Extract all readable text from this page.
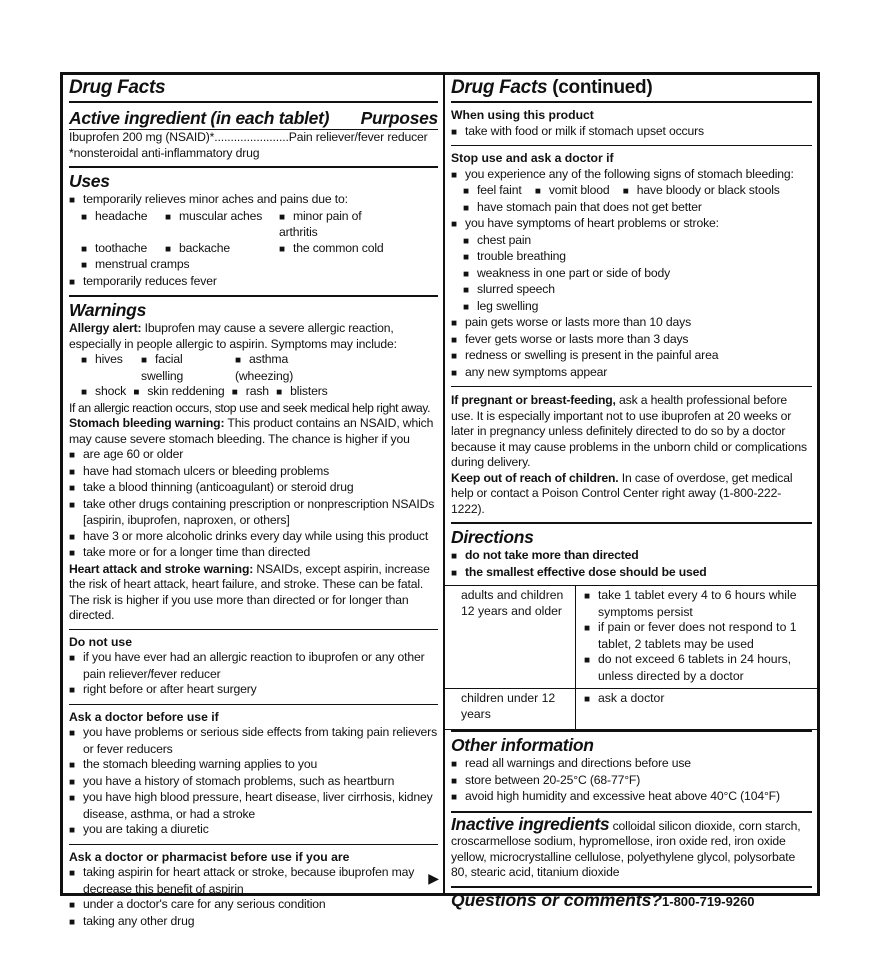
Drug Facts
Active ingredient (in each tablet) Purposes
Ibuprofen 200 mg (NSAID)*.......................Pain reliever/fever reducer
*nonsteroidal anti-inflammatory drug
Uses
■ temporarily relieves minor aches and pains due to:
■ headache	■ muscular aches	■ minor pain of arthritis
■ toothache	■ backache	■ the common cold
■ menstrual cramps
■ temporarily reduces fever
Warnings
Allergy alert: Ibuprofen may cause a severe allergic reaction,
especially in people allergic to aspirin. Symptoms may include:
■ hives	■ facial swelling
■ asthma (wheezing)
■ shock ■ skin reddening ■ rash ■ blisters
If an allergic reaction occurs, stop use and seek medical help right away.
Stomach bleeding warning: This product contains an NSAID, which
may cause severe stomach bleeding. The chance is higher if you
■ are age 60 or older
■ have had stomach ulcers or bleeding problems
■ take a blood thinning (anticoagulant) or steroid drug
■ take other drugs containing prescription or nonprescription NSAIDs [aspirin, ibuprofen, naproxen, or others]
■ have 3 or more alcoholic drinks every day while using this product
■ take more or for a longer time than directed
Heart attack and stroke warning: NSAIDs, except aspirin, increase the risk of heart attack, heart failure, and stroke. These can be fatal. The risk is higher if you use more than directed or for longer than directed.
Do not use
■ if you have ever had an allergic reaction to ibuprofen or any other pain reliever/fever reducer
■ right before or after heart surgery
Ask a doctor before use if
■ you have problems or serious side effects from taking pain relievers or fever reducers
■ the stomach bleeding warning applies to you
■ you have a history of stomach problems, such as heartburn
■ you have high blood pressure, heart disease, liver cirrhosis, kidney disease, asthma, or had a stroke
■ you are taking a diuretic
Ask a doctor or pharmacist before use if you are
■ taking aspirin for heart attack or stroke, because ibuprofen may decrease this benefit of aspirin
■ under a doctor's care for any serious condition
■ taking any other drug
▶
Drug Facts (continued)
When using this product
■ take with food or milk if stomach upset occurs
Stop use and ask a doctor if
■ you experience any of the following signs of stomach bleeding:
■ feel faint ■ vomit blood ■ have bloody or black stools
■ have stomach pain that does not get better
■ you have symptoms of heart problems or stroke:
■ chest pain
■ trouble breathing
■ weakness in one part or side of body
■ slurred speech
■ leg swelling
■ pain gets worse or lasts more than 10 days
■ fever gets worse or lasts more than 3 days
■ redness or swelling is present in the painful area
■ any new symptoms appear
If pregnant or breast-feeding, ask a health professional before use. It is especially important not to use ibuprofen at 20 weeks or later in pregnancy unless definitely directed to do so by a doctor because it may cause problems in the unborn child or complications during delivery.
Keep out of reach of children. In case of overdose, get medical help or contact a Poison Control Center right away (1-800-222-1222).
Directions
■ do not take more than directed
■ the smallest effective dose should be used
adults and children 12 years and older	■ take 1 tablet every 4 to 6 hours while symptoms persist
■ if pain or fever does not respond to 1 tablet, 2 tablets may be used
■ do not exceed 6 tablets in 24 hours, unless directed by a doctor

children under 12 years	■ ask a doctor
Other information
■ read all warnings and directions before use
■ store between 20-25°C (68-77°F)
■ avoid high humidity and excessive heat above 40°C (104°F)
Inactive ingredients colloidal silicon dioxide, corn starch, croscarmellose sodium, hypromellose, iron oxide red, iron oxide yellow, microcrystalline cellulose, polyethylene glycol, polysorbate 80, stearic acid, titanium dioxide
Questions or comments?1-800-719-9260
